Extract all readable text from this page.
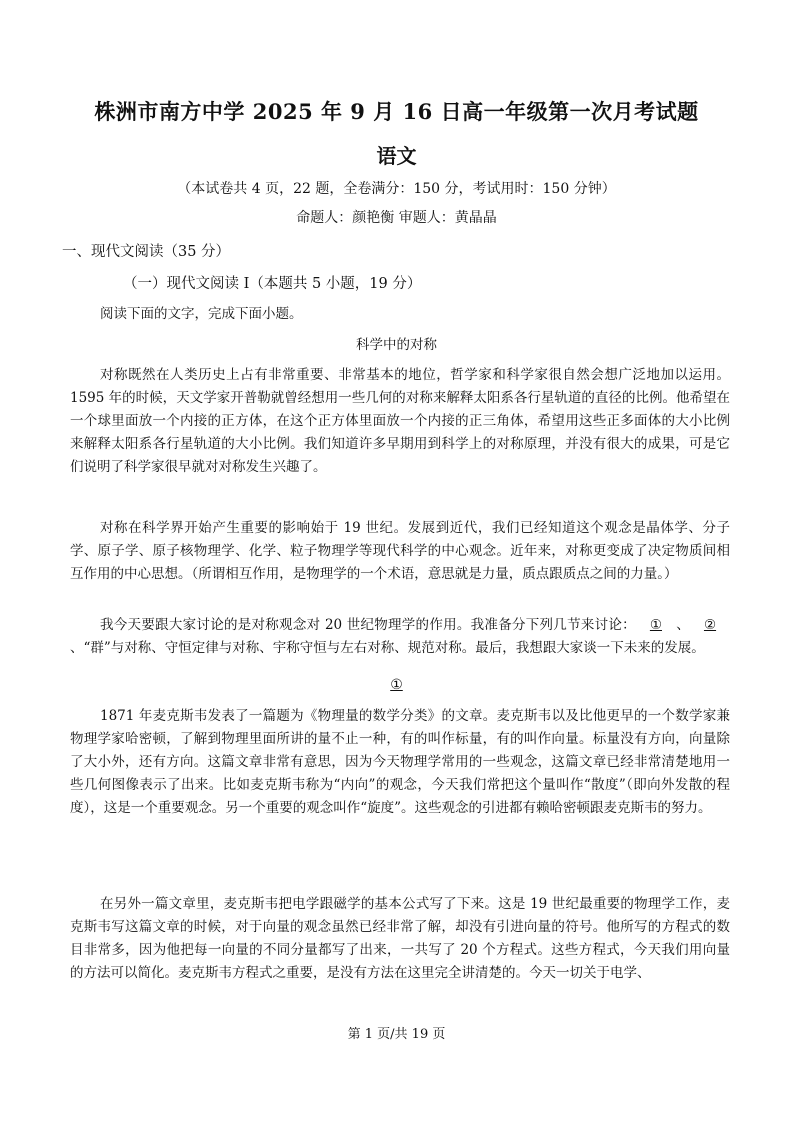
株洲市南方中学 2025 年 9 月 16 日高一年级第一次月考试题
语文
（本试卷共 4 页，22 题，全卷满分：150 分，考试用时：150 分钟）
命题人：颜艳衡 审题人：黄晶晶
一、现代文阅读（35 分）
（一）现代文阅读 I（本题共 5 小题，19 分）
阅读下面的文字，完成下面小题。
科学中的对称
对称既然在人类历史上占有非常重要、非常基本的地位，哲学家和科学家很自然会想广泛地加以运用。1595 年的时候，天文学家开普勒就曾经想用一些几何的对称来解释太阳系各行星轨道的直径的比例。他希望在一个球里面放一个内接的正方体，在这个正方体里面放一个内接的正三角体，希望用这些正多面体的大小比例来解释太阳系各行星轨道的大小比例。我们知道许多早期用到科学上的对称原理，并没有很大的成果，可是它们说明了科学家很早就对对称发生兴趣了。
对称在科学界开始产生重要的影响始于 19 世纪。发展到近代，我们已经知道这个观念是晶体学、分子学、原子学、原子核物理学、化学、粒子物理学等现代科学的中心观念。近年来，对称更变成了决定物质间相互作用的中心思想。（所谓相互作用，是物理学的一个术语，意思就是力量，质点跟质点之间的力量。）
我今天要跟大家讨论的是对称观念对 20 世纪物理学的作用。我准备分下列几节来讨论： ① 、 ②、“群”与对称、守恒定律与对称、宇称守恒与左右对称、规范对称。最后，我想跟大家谈一下未来的发展。
①
1871 年麦克斯韦发表了一篇题为《物理量的数学分类》的文章。麦克斯韦以及比他更早的一个数学家兼物理学家哈密顿，了解到物理里面所讲的量不止一种，有的叫作标量，有的叫作向量。标量没有方向，向量除了大小外，还有方向。这篇文章非常有意思，因为今天物理学常用的一些观念，这篇文章已经非常清楚地用一些几何图像表示了出来。比如麦克斯韦称为“内向”的观念，今天我们常把这个量叫作“散度”（即向外发散的程度），这是一个重要观念。另一个重要的观念叫作“旋度”。这些观念的引进都有赖哈密顿跟麦克斯韦的努力。
在另外一篇文章里，麦克斯韦把电学跟磁学的基本公式写了下来。这是 19 世纪最重要的物理学工作，麦克斯韦写这篇文章的时候，对于向量的观念虽然已经非常了解，却没有引进向量的符号。他所写的方程式的数目非常多，因为他把每一向量的不同分量都写了出来，一共写了 20 个方程式。这些方程式，今天我们用向量的方法可以简化。麦克斯韦方程式之重要，是没有方法在这里完全讲清楚的。今天一切关于电学、
第 1 页/共 19 页
